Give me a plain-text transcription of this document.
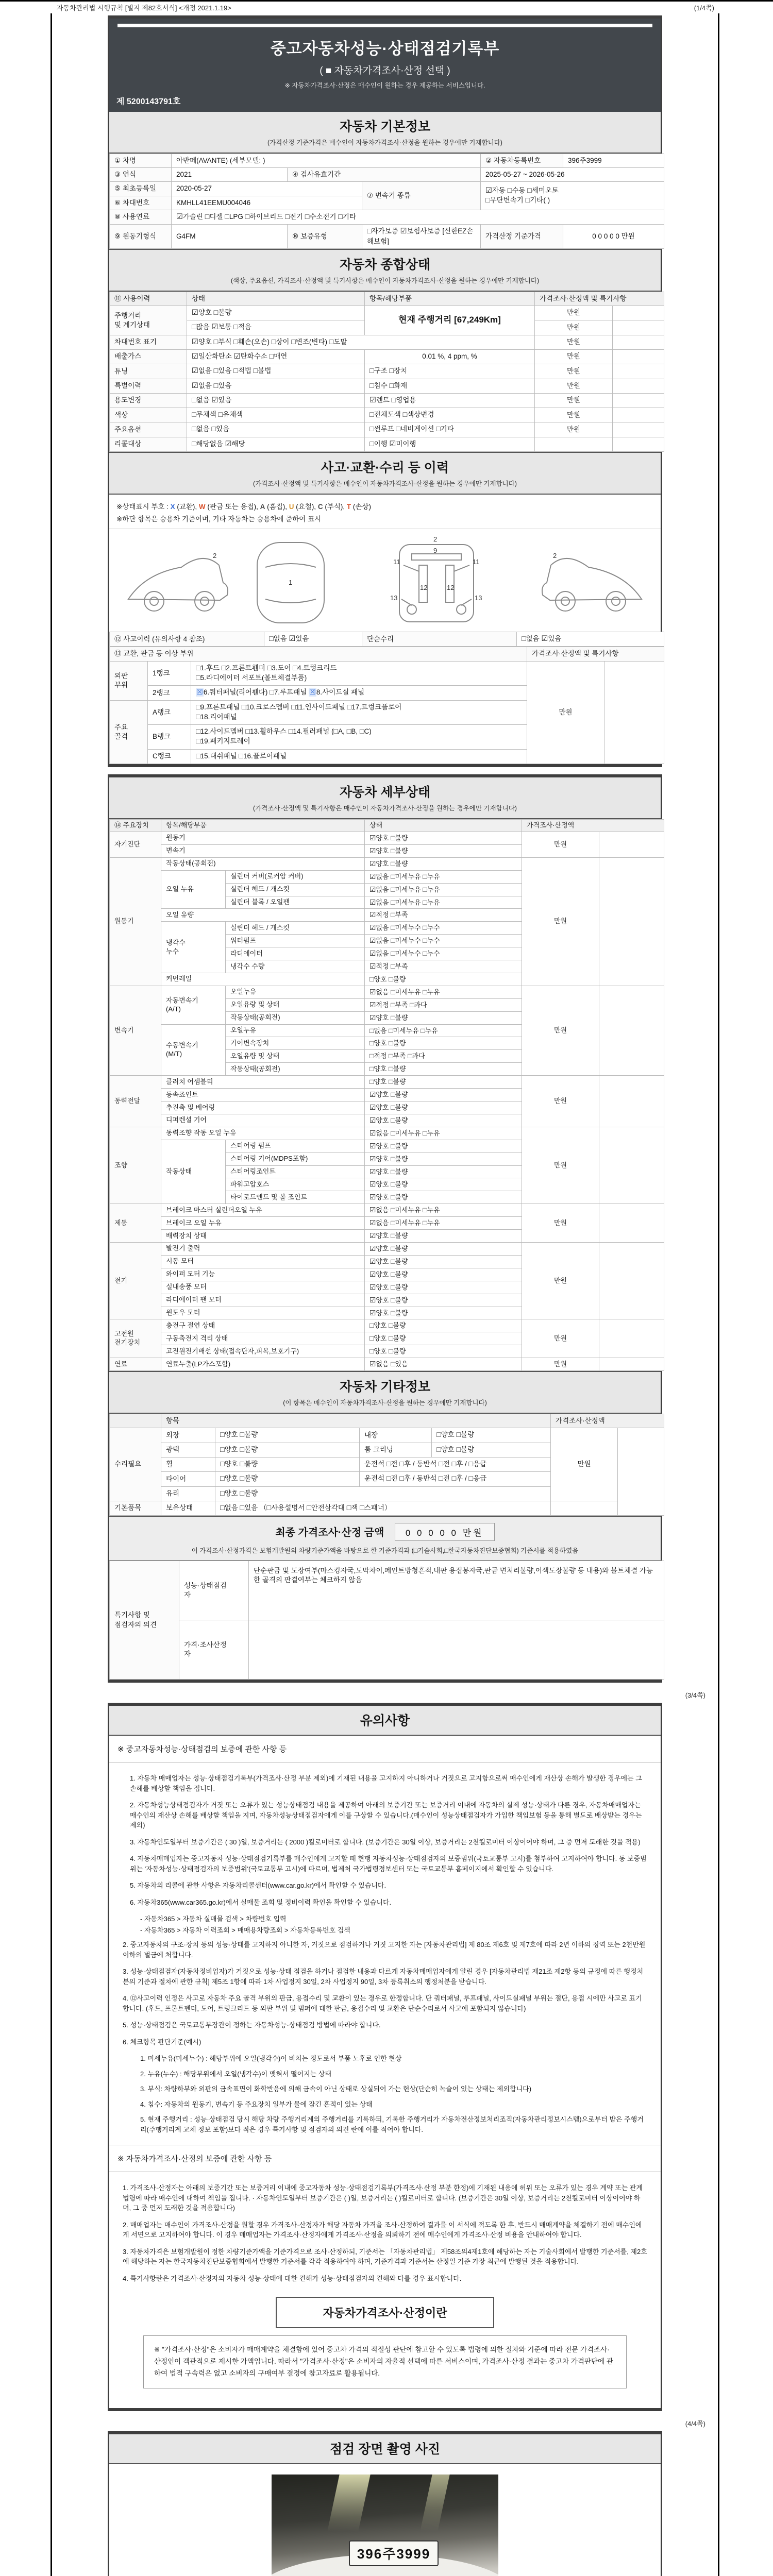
자동차관리법 시행규칙 [별지 제82호서식] <개정 2021.1.19>	(1/4쪽)
중고자동차성능·상태점검기록부
( ■ 자동차가격조사·산정 선택 )
※ 자동차가격조사·산정은 매수인이 원하는 경우 제공하는 서비스입니다.
제 5200143791호
자동차 기본정보
(가격산정 기준가격은 매수인이 자동차가격조사·산정을 원하는 경우에만 기재합니다)
① 차명	아반떼(AVANTE) (세부모델: )			② 자동차등록번호	396주3999
③ 연식	2021	④ 검사유효기간		2025-05-27 ~ 2026-05-26	
⑤ 최초등록일	2020-05-27		⑦ 변속기 종류	☑자동 □수동 □세미오토
□무단변속기 □기타( )	
⑥ 차대번호	KMHLL41EEMU004046				
⑧ 사용연료	☑가솔린 □디젤 □LPG □하이브리드 □전기 □수소전기 □기타				
⑨ 원동기형식	G4FM	⑩ 보증유형	□자가보증 ☑보험사보증 [신한EZ손해보험]	가격산정 기준가격	0 0 0 0 0 만원
자동차 종합상태
(색상, 주요옵션, 가격조사·산정액 및 특기사항은 매수인이 자동차가격조사·산정을 원하는 경우에만 기재합니다)
⑪ 사용이력	상태	항목/해당부품	가격조사·산정액 및 특기사항	
주행거리
및 계기상태	☑양호 □불량	현재 주행거리 [67,249Km]	만원	
	□많음 ☑보통 □적음		만원	
차대번호 표기	☑양호 □부식 □훼손(오손) □상이 □변조(변타) □도말		만원	
배출가스	☑일산화탄소 ☑탄화수소 □매연	0.01 %, 4 ppm, %	만원	
튜닝	☑없음 □있음 □적법 □불법	□구조 □장치	만원	
특별이력	☑없음 □있음	□침수 □화재	만원	
용도변경	□없음 ☑있음	☑렌트 □영업용	만원	
색상	□무채색 □유채색	□전체도색 □색상변경	만원	
주요옵션	□없음 □있음	□썬루프 □네비게이션 □기타	만원	
리콜대상	□해당없음 ☑해당	□이행 ☑미이행		
사고·교환·수리 등 이력
(가격조사·산정액 및 특기사항은 매수인이 자동차가격조사·산정을 원하는 경우에만 기재합니다)
※상태표시 부호 : X (교환), W (판금 또는 용접), A (흠집), U (요철), C (부식), T (손상)
※하단 항목은 승용차 기준이며, 기타 자동차는 승용차에 준하여 표시
2
1
2
9
11	11
12	12
13	13
2
⑫ 사고이력 (유의사항 4 참조)	□없음 ☑있음	단순수리	□없음 ☑있음
⑬ 교환, 판금 등 이상 부위			가격조사·산정액 및 특기사항	
외판
부위	1랭크	□1.후드 □2.프론트휀더 □3.도어 □4.트렁크리드
□5.라디에이터 서포트(볼트체결부품)	만원	
	2랭크	☒6.쿼터패널(리어휀다) □7.루프패널 ☒8.사이드실 패널		
주요
골격	A랭크	□9.프론트패널 □10.크로스멤버 □11.인사이드패널 □17.트렁크플로어
□18.리어패널		
	B랭크	□12.사이드멤버 □13.휠하우스 □14.필러패널 (□A, □B, □C)
□19.패키지트레이		
	C랭크	□15.대쉬패널 □16.플로어패널		
자동차 세부상태
(가격조사·산정액 및 특기사항은 매수인이 자동차가격조사·산정을 원하는 경우에만 기재합니다)
⑭ 주요장치	항목/해당부품		상태	가격조사·산정액	
자기진단	원동기		☑양호 □불량	만원	
	변속기		☑양호 □불량		
원동기	작동상태(공회전)		☑양호 □불량	만원	
	오일 누유	실린더 커버(로커암 커버)	☑없음 □미세누유 □누유		
		실린더 헤드 / 개스킷	☑없음 □미세누유 □누유		
		실린더 블록 / 오일팬	☑없음 □미세누유 □누유		
	오일 유량		☑적정 □부족		
	냉각수
누수	실린더 헤드 / 개스킷	☑없음 □미세누수 □누수		
		워터펌프	☑없음 □미세누수 □누수		
		라디에이터	☑없음 □미세누수 □누수		
		냉각수 수량	☑적정 □부족		
	커먼레일		□양호 □불량		
변속기	자동변속기
(A/T)	오일누유	☑없음 □미세누유 □누유	만원	
		오일유량 및 상태	☑적정 □부족 □과다		
		작동상태(공회전)	☑양호 □불량		
	수동변속기
(M/T)	오일누유	□없음 □미세누유 □누유		
		기어변속장치	□양호 □불량		
		오일유량 및 상태	□적정 □부족 □과다		
		작동상태(공회전)	□양호 □불량		
동력전달	클러치 어셈블리		□양호 □불량	만원	
	등속죠인트		☑양호 □불량		
	추진축 및 베어링		☑양호 □불량		
	디퍼렌셜 기어		☑양호 □불량		
조향	동력조향 작동 오일 누유		☑없음 □미세누유 □누유	만원	
	작동상태	스티어링 펌프	☑양호 □불량		
		스티어링 기어(MDPS포함)	☑양호 □불량		
		스티어링조인트	☑양호 □불량		
		파워고압호스	☑양호 □불량		
		타이로드엔드 및 볼 조인트	☑양호 □불량		
제동	브레이크 마스터 실린더오일 누유		☑없음 □미세누유 □누유	만원	
	브레이크 오일 누유		☑없음 □미세누유 □누유		
	배력장치 상태		☑양호 □불량		
전기	발전기 출력		☑양호 □불량	만원	
	시동 모터		☑양호 □불량		
	와이퍼 모터 기능		☑양호 □불량		
	실내송풍 모터		☑양호 □불량		
	라디에이터 팬 모터		☑양호 □불량		
	윈도우 모터		☑양호 □불량		
고전원
전기장치	충전구 절연 상태		□양호 □불량	만원	
	구동축전지 격리 상태		□양호 □불량		
	고전원전기배선 상태(접속단자,피복,보호기구)		□양호 □불량		
연료	연료누출(LP가스포함)		☑없음 □있음	만원	
자동차 기타정보
(이 항목은 매수인이 자동차가격조사·산정을 원하는 경우에만 기재합니다)
	항목				가격조사·산정액	
수리필요	외장	□양호 □불량	내장	□양호 □불량	만원	
	광택	□양호 □불량	룸 크리닝	□양호 □불량		
	휠	□양호 □불량	운전석 □전 □후 / 동반석 □전 □후 / □응급			
	타이어	□양호 □불량	운전석 □전 □후 / 동반석 □전 □후 / □응급			
	유리	□양호 □불량				
기본품목	보유상태	□없음 □있음 （□사용설명서 □안전삼각대 □잭 □스패너）				
최종 가격조사·산정 금액 0 0 0 0 0 만원
이 가격조사·산정가격은 보험개발원의 차량기준가액을 바탕으로 한 기준가격과 (□기술사회,□한국자동차진단보증협회) 기준서를 적용하였음
특기사항 및
점검자의 의견	성능·상태점검
자	단순판금 및 도장여부(마스킹자국,도막차이,페인트방청흔적,내판 용접봉자국,판금 면처리불량,이색도장불량 등 내용)와 볼트체결 가능한 골격의 판결여부는 체크하지 않음
	가격·조사산정
자	
(3/4쪽)
유의사항
※ 중고자동차성능·상태점검의 보증에 관한 사항 등

1. 자동차 매매업자는 성능·상태점검기록부(가격조사·산정 부분 제외)에 기재된 내용을 고지하지 아니하거나 거짓으로 고지함으로써 매수인에게 재산상 손해가 발생한 경우에는 그 손해를 배상할 책임을 집니다.

2. 자동차성능상태점검자가 거짓 또는 오류가 있는 성능상태점검 내용을 제공하여 아래의 보증기간 또는 보증거리 이내에 자동차의 실제 성능·상태가 다른 경우, 자동차매매업자는 매수인의 재산상 손해를 배상할 책임을 지며, 자동차성능상태점검자에게 이를 구상할 수 있습니다.(매수인이 성능상태점검자가 가입한 책임보험 등을 통해 별도로 배상받는 경우는 제외)

3. 자동차인도일부터 보증기간은 ( 30 )일, 보증거리는 ( 2000 )킬로미터로 합니다. (보증기간은 30일 이상, 보증거리는 2천킬로미터 이상이어야 하며, 그 중 먼저 도래한 것을 적용)

4. 자동차매매업자는 중고자동차 성능·상태점검기록부를 매수인에게 고지할 때 현행 자동차성능·상태점검자의 보증범위(국토교통부 고시)를 첨부하여 고지하여야 합니다. 동 보증범위는 '자동차성능·상태점검자의 보증범위'(국토교통부 고시)에 따르며, 법제처 국가법령정보센터 또는 국토교통부 홈페이지에서 확인할 수 있습니다.

5. 자동차의 리콜에 관한 사항은 자동차리콜센터(www.car.go.kr)에서 확인할 수 있습니다.

6. 자동차365(www.car365.go.kr)에서 실매물 조회 및 정비이력 확인을 확인할 수 있습니다.

- 자동차365 > 자동차 실매물 검색 > 차량번호 입력

- 자동차365 > 자동차 이력조회 > 매매용차량조회 > 자동차등록번호 검색

2. 중고자동차의 구조·장치 등의 성능·상태를 고지하지 아니한 자, 거짓으로 점검하거나 거짓 고지한 자는 [자동차관리법] 제 80조 제6호 및 제7호에 따라 2년 이하의 징역 또는 2천만원 이하의 벌금에 처합니다.

3. 성능·상태점검자(자동차정비업자)가 거짓으로 성능·상태 점검을 하거나 점검한 내용과 다르게 자동차매매업자에게 알린 경우 [자동차관리법 제21조 제2항 등의 규정에 따른 행정처분의 기준과 절차에 관한 규칙] 제5조 1항에 따라 1차 사업정지 30일, 2차 사업정지 90일, 3차 등록취소의 행정처분을 받습니다.

4. ⑫사고이력 인정은 사고로 자동차 주요 골격 부위의 판금, 용접수리 및 교환이 있는 경우로 한정합니다. 단 쿼터패널, 루프패널, 사이드실패널 부위는 절단, 용접 시에만 사고로 표기합니다. (후드, 프론트펜더, 도어, 트렁크리드 등 외판 부위 및 범퍼에 대한 판금, 용접수리 및 교환은 단순수리로서 사고에 포함되지 않습니다)

5. 성능·상태점검은 국토교통부장관이 정하는 자동차성능·상태점검 방법에 따라야 합니다.

6. 체크항목 판단기준(예시)

1. 미세누유(미세누수) : 해당부위에 오일(냉각수)이 비치는 정도로서 부품 노후로 인한 현상

2. 누유(누수) : 해당부위에서 오일(냉각수)이 맺혀서 떨어지는 상태

3. 부식: 차량하부와 외판의 금속표면이 화학반응에 의해 금속이 아닌 상태로 상실되어 가는 현상(단순히 녹슬어 있는 상태는 제외합니다)

4. 침수: 자동차의 원동기, 변속기 등 주요장치 일부가 물에 잠긴 흔적이 있는 상태

5. 현재 주행거리 : 성능·상태점검 당시 해당 차량 주행거리계의 주행거리를 기록하되, 기록한 주행거리가 자동차전산정보처리조직(자동차관리정보시스템)으로부터 받은 주행거리(주행거리계 교체 정보 포함)보다 적은 경우 특기사항 및 점검자의 의견 란에 이를 적어야 합니다.

※ 자동차가격조사·산정의 보증에 관한 사항 등

1. 가격조사·산정자는 아래의 보증기간 또는 보증거리 이내에 중고자동차 성능·상태점검기록부(가격조사·산정 부분 한정)에 기재된 내용에 허위 또는 오류가 있는 경우 계약 또는 관계법령에 따라 매수인에 대하여 책임을 집니다. · 자동차인도일부터 보증기간은 ( )일, 보증거리는 ( )킬로미터로 합니다. (보증기간은 30일 이상, 보증거리는 2천킬로미터 이상이어야 하며, 그 중 먼저 도래한 것을 적용합니다)

2. 매매업자는 매수인이 가격조사·산정을 원할 경우 가격조사·산정자가 해당 자동차 가격을 조사·산정하여 결과를 이 서식에 적도록 한 후, 반드시 매매계약을 체결하기 전에 매수인에게 서면으로 고지하여야 합니다. 이 경우 매매업자는 가격조사·산정자에게 가격조사·산정을 의뢰하기 전에 매수인에게 가격조사·산정 비용을 안내하여야 합니다.

3. 자동차가격은 보험개발원이 정한 차량기준가액을 기준가격으로 조사·산정하되, 기준서는 「자동차관리법」 제58조의4제1호에 해당하는 자는 기술사회에서 발행한 기준서를, 제2호에 해당하는 자는 한국자동차진단보증협회에서 발행한 기준서를 각각 적용하여야 하며, 기준가격과 기준서는 산정일 기준 가장 최근에 발행된 것을 적용합니다.

4. 특기사항란은 가격조사·산정자의 자동차 성능·상태에 대한 견해가 성능·상태점검자의 견해와 다를 경우 표시합니다.

자동차가격조사·산정이란
※ "가격조사·산정"은 소비자가 매매계약을 체결함에 있어 중고차 가격의 적절성 판단에 참고할 수 있도록 법령에 의한 절차와 기준에 따라 전문 가격조사·산정인이 객관적으로 제시한 가액입니다. 따라서 "가격조사·산정"은 소비자의 자율적 선택에 따른 서비스이며, 가격조사·산정 결과는 중고차 가격판단에 관하여 법적 구속력은 없고 소비자의 구매여부 결정에 참고자료로 활용됩니다.
(4/4쪽)
점검 장면 촬영 사진
396주3999
